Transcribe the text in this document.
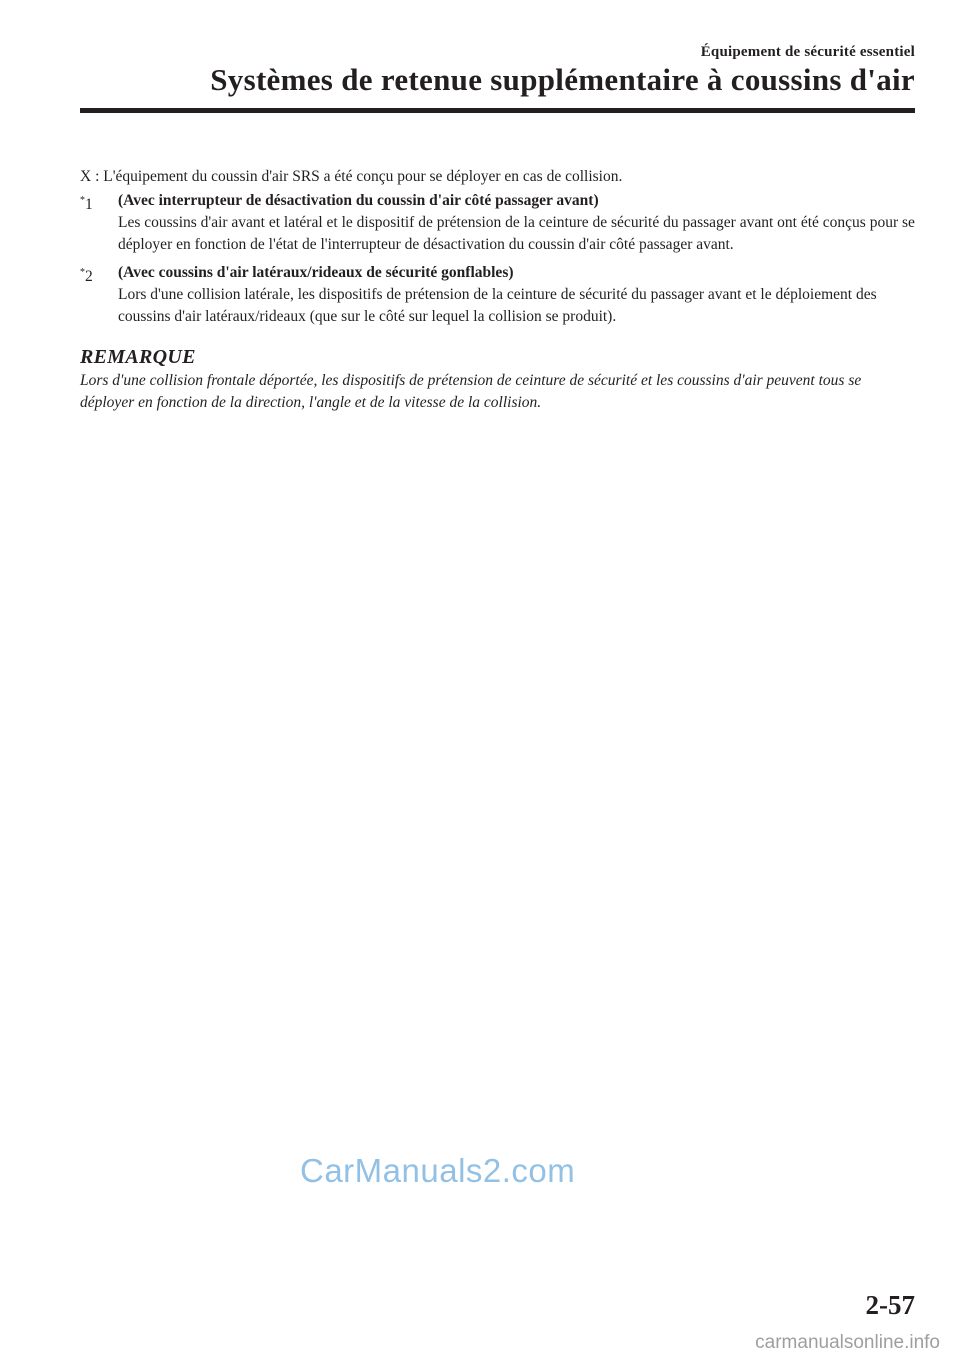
Équipement de sécurité essentiel
Systèmes de retenue supplémentaire à coussins d'air

X : L'équipement du coussin d'air SRS a été conçu pour se déployer en cas de collision.

*1	(Avec interrupteur de désactivation du coussin d'air côté passager avant)
Les coussins d'air avant et latéral et le dispositif de prétension de la ceinture de sécurité du passager avant ont été conçus pour se déployer en fonction de l'état de l'interrupteur de désactivation du coussin d'air côté passager avant.
*2	(Avec coussins d'air latéraux/rideaux de sécurité gonflables)
Lors d'une collision latérale, les dispositifs de prétension de la ceinture de sécurité du passager avant et le déploiement des coussins d'air latéraux/rideaux (que sur le côté sur lequel la collision se produit).
REMARQUE

Lors d'une collision frontale déportée, les dispositifs de prétension de ceinture de sécurité et les coussins d'air peuvent tous se déployer en fonction de la direction, l'angle et de la vitesse de la collision.

CarManuals2.com
2-57
carmanualsonline.info
